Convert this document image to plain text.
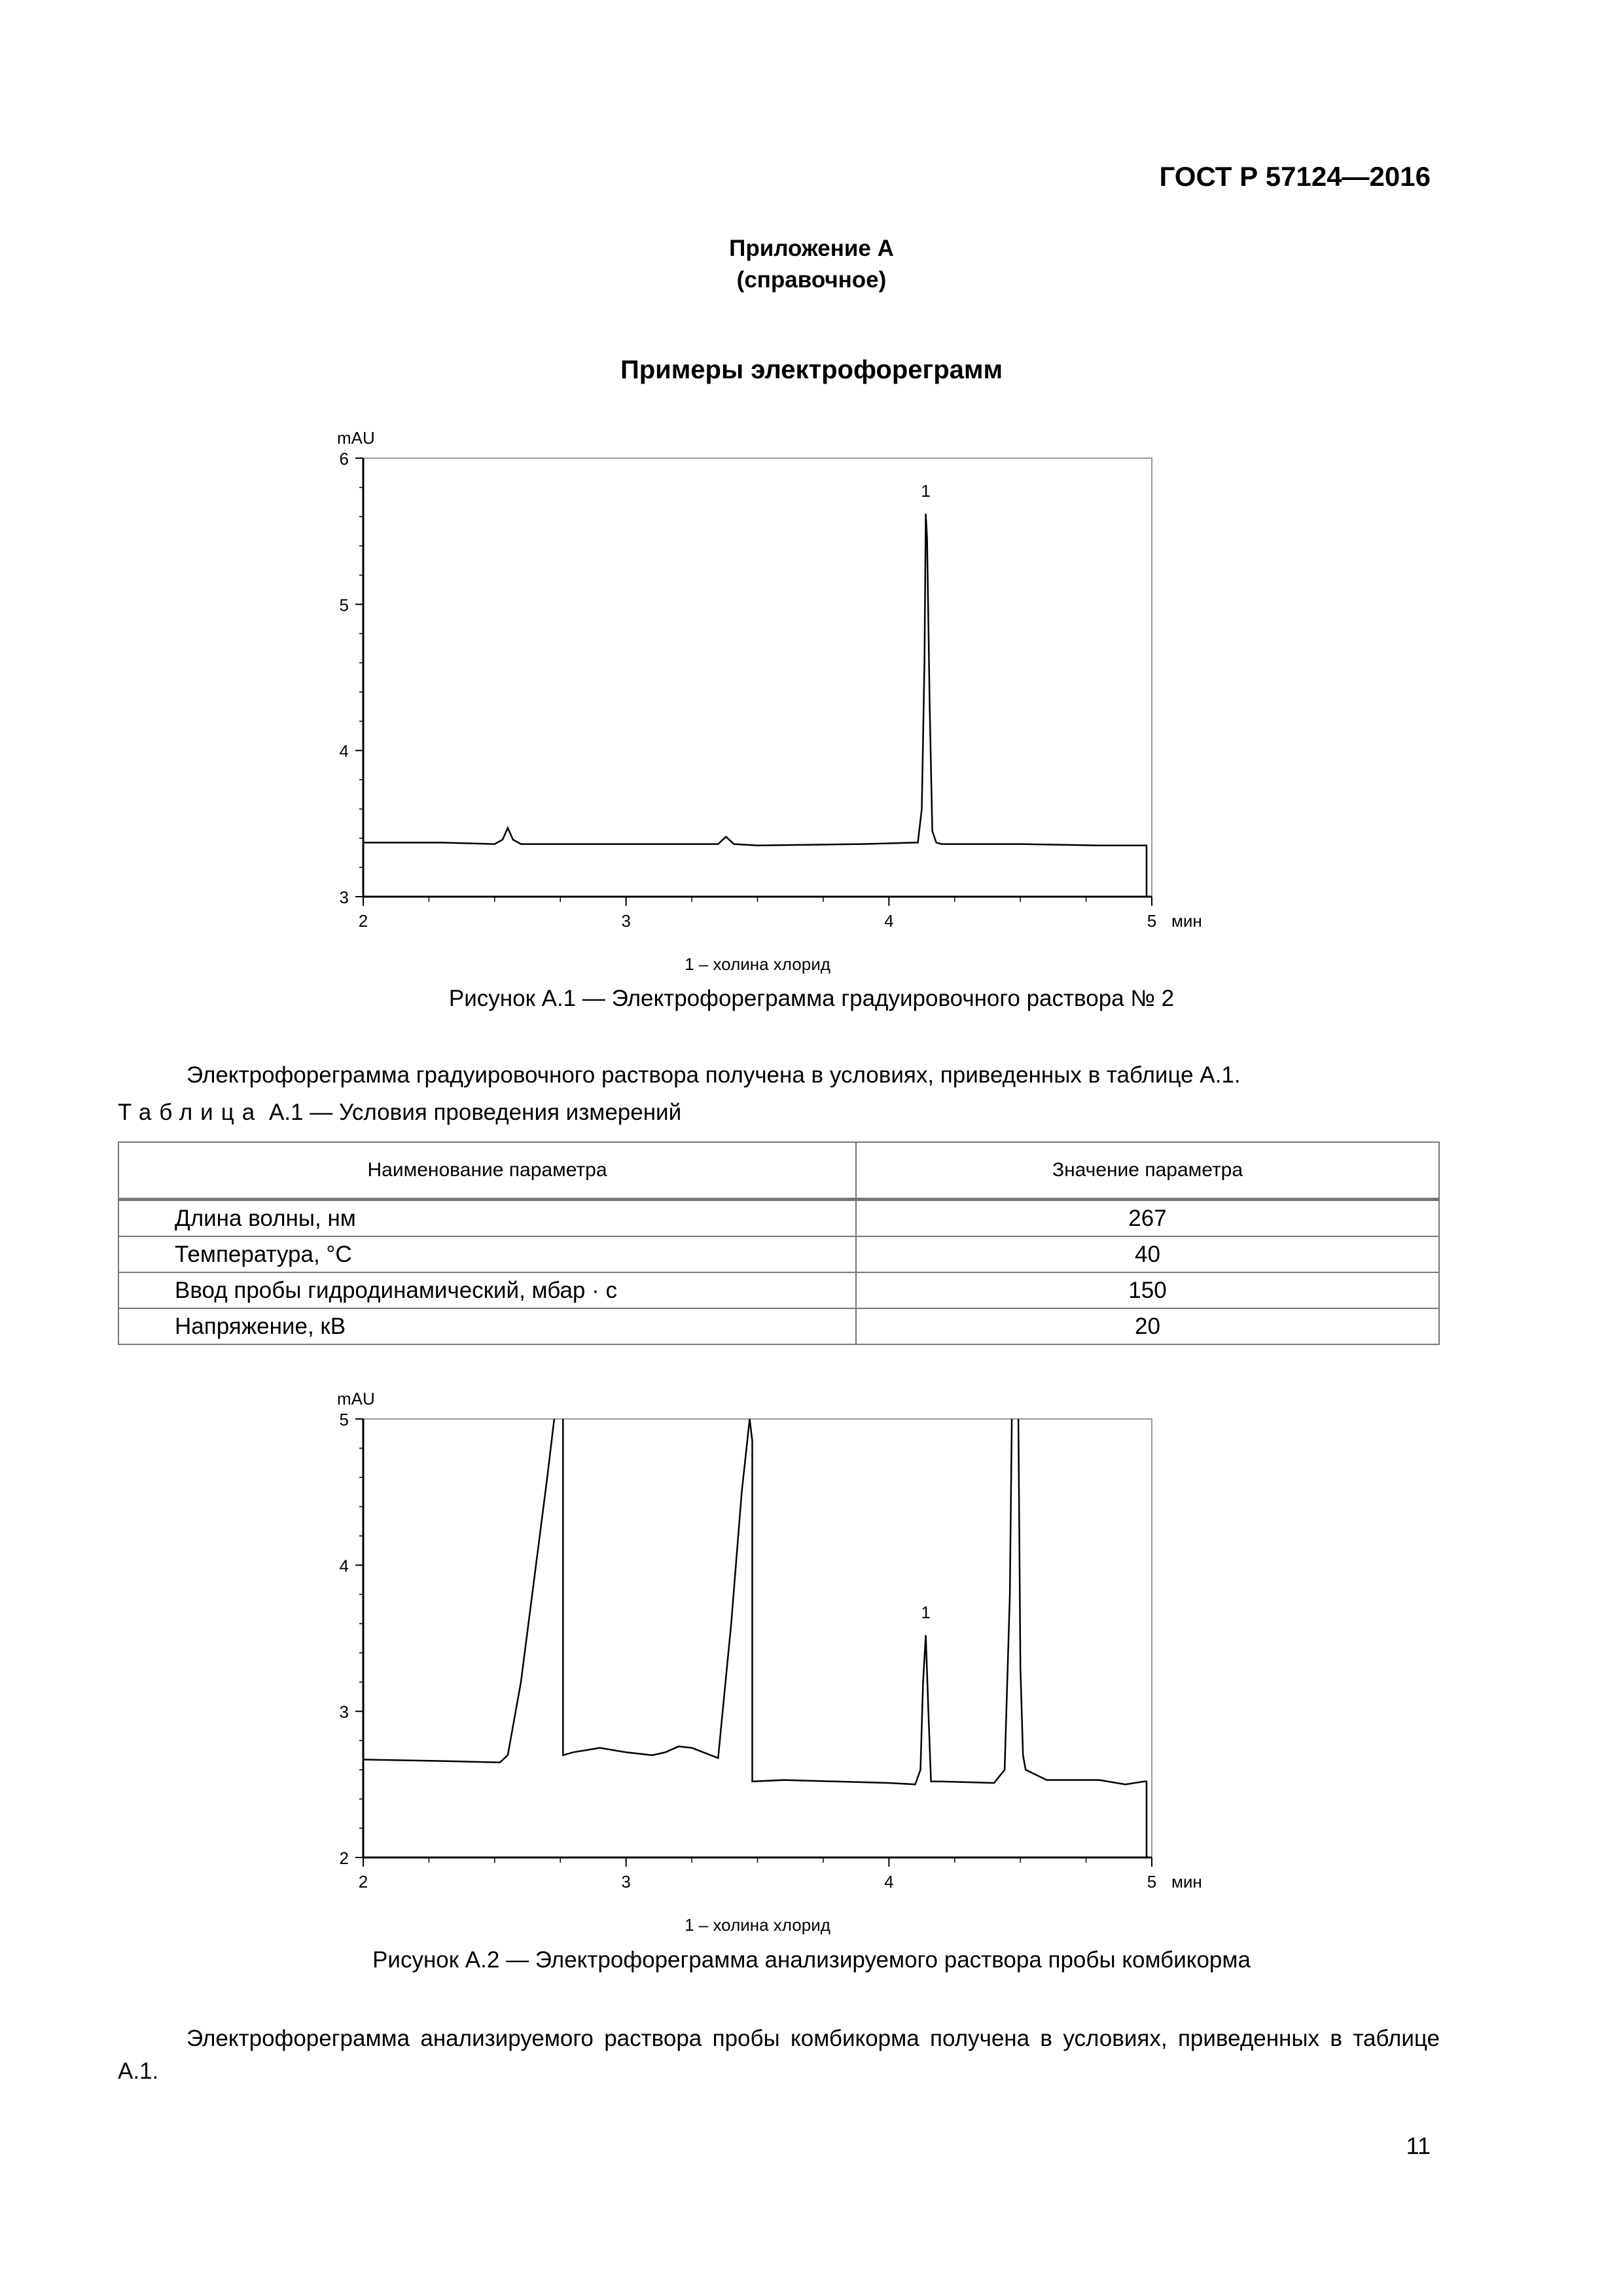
ГОСТ Р 57124—2016
Приложение А
(справочное)
Примеры электрофореграмм
3
4
5
6
2	3	4	5
mAU
мин
1
1 – холина хлорид
Рисунок А.1 — Электрофореграмма градуировочного раствора № 2
Электрофореграмма градуировочного раствора получена в условиях, приведенных в таблице А.1.
Таблица А.1 — Условия проведения измерений
Наименование параметра	Значение параметра
Длина волны, нм	267
Температура, °С	40
Ввод пробы гидродинамический, мбар · с	150
Напряжение, кВ	20
2
3
4
5
2	3	4	5
mAU
мин
1
1 – холина хлорид
Рисунок А.2 — Электрофореграмма анализируемого раствора пробы комбикорма
Электрофореграмма анализируемого раствора пробы комбикорма получена в условиях, приведенных в таблице А.1.
11
